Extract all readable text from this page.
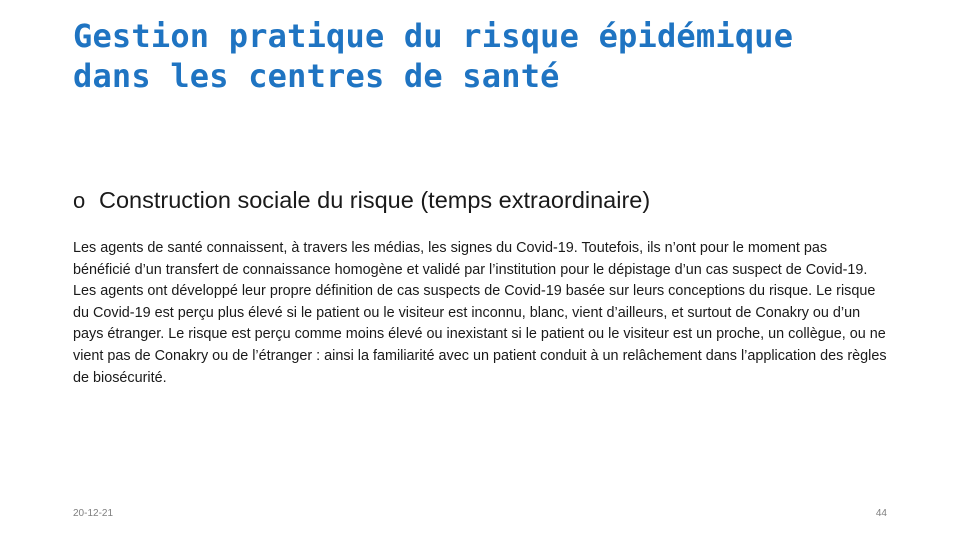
Gestion pratique du risque épidémique
dans les centres de santé
o Construction sociale du risque (temps extraordinaire)
Les agents de santé connaissent, à travers les médias, les signes du Covid-19. Toutefois, ils n’ont pour le moment pas bénéficié d’un transfert de connaissance homogène et validé par l’institution pour le dépistage d’un cas suspect de Covid-19. Les agents ont développé leur propre définition de cas suspects de Covid-19 basée sur leurs conceptions du risque. Le risque du Covid-19 est perçu plus élevé si le patient ou le visiteur est inconnu, blanc, vient d’ailleurs, et surtout de Conakry ou d’un pays étranger. Le risque est perçu comme moins élevé ou inexistant si le patient ou le visiteur est un proche, un collègue, ou ne vient pas de Conakry ou de l’étranger : ainsi la familiarité avec un patient conduit à un relâchement dans l’application des règles de biosécurité.
20-12-21	44
